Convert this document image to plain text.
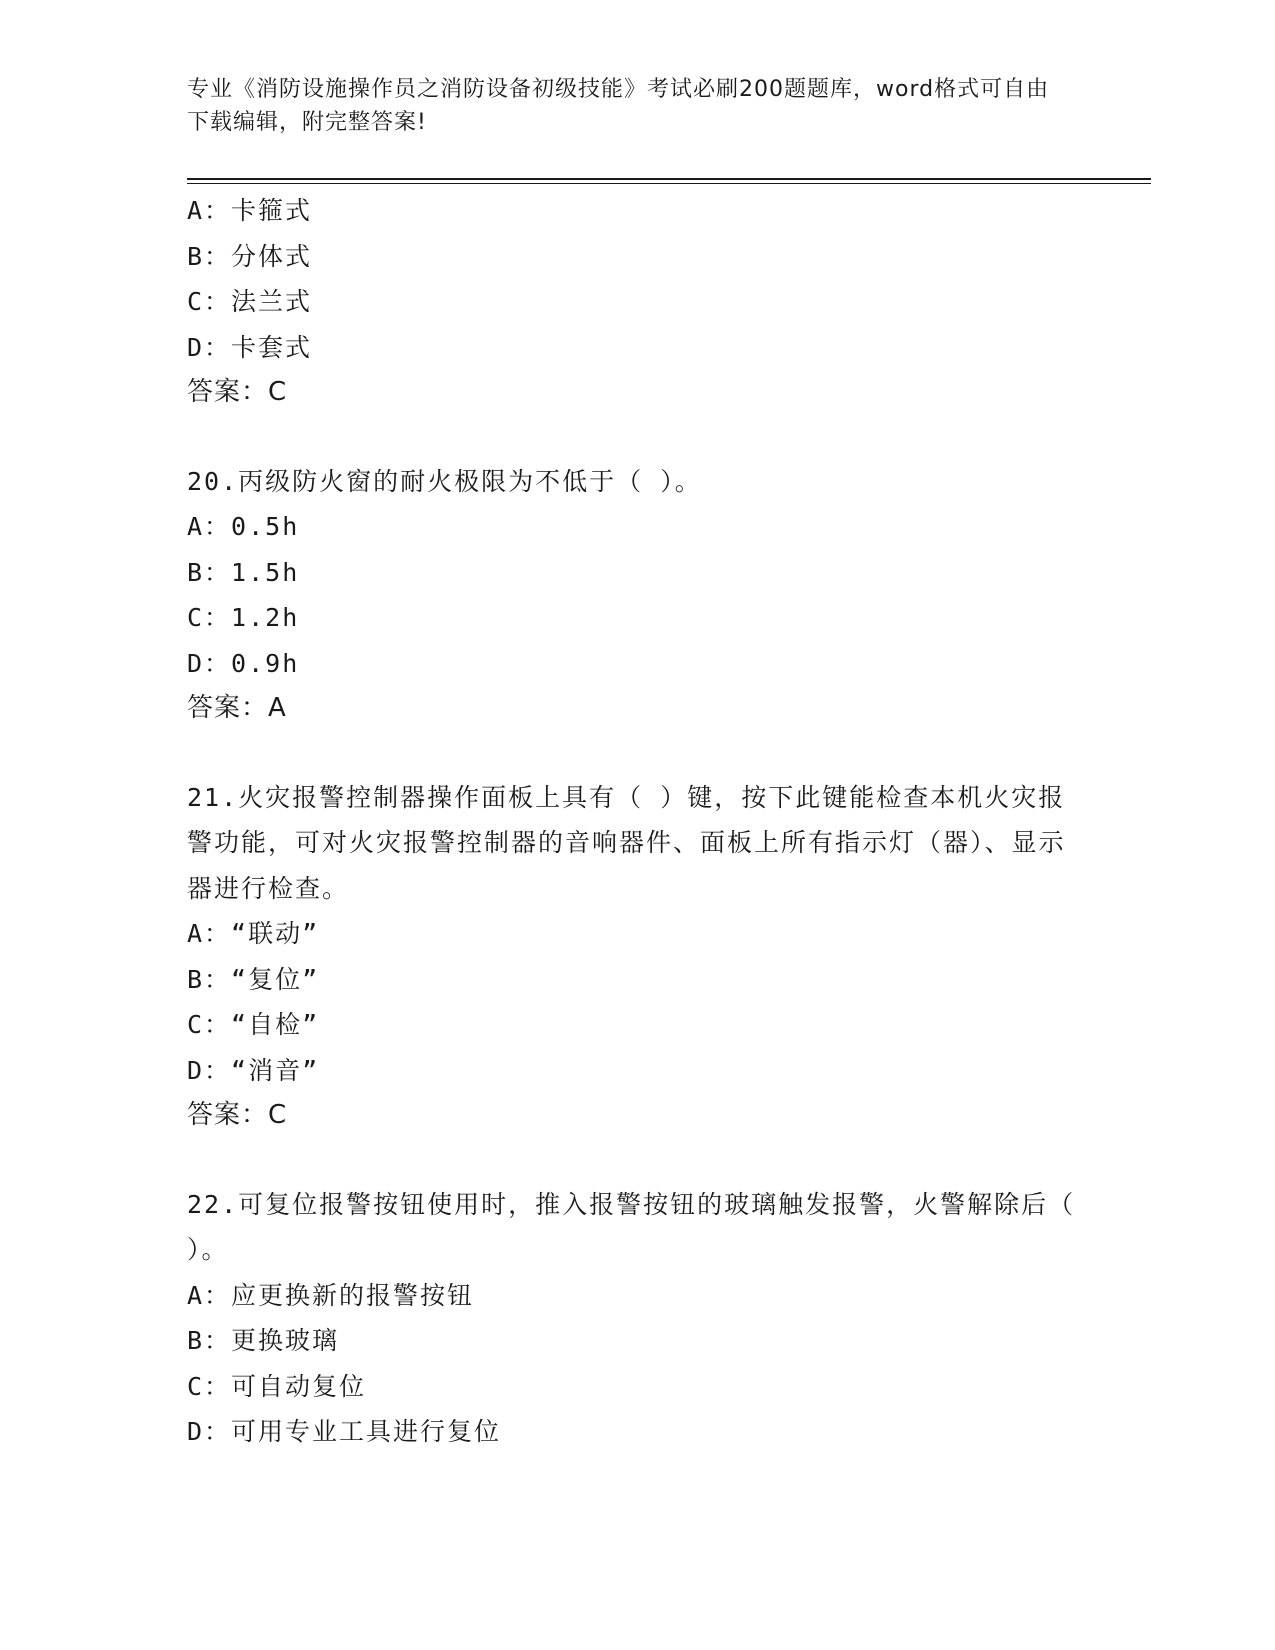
专业《消防设施操作员之消防设备初级技能》考试必刷200题题库，word格式可自由下载编辑，附完整答案!
A：卡箍式
B：分体式
C：法兰式
D：卡套式
答案：C
20.丙级防火窗的耐火极限为不低于（ ）。
A：0.5h
B：1.5h
C：1.2h
D：0.9h
答案：A
21.火灾报警控制器操作面板上具有（ ）键，按下此键能检查本机火灾报警功能，可对火灾报警控制器的音响器件、面板上所有指示灯（器）、显示器进行检查。
A：“联动”
B：“复位”
C：“自检”
D：“消音”
答案：C
22.可复位报警按钮使用时，推入报警按钮的玻璃触发报警，火警解除后（ ）。
A：应更换新的报警按钮
B：更换玻璃
C：可自动复位
D：可用专业工具进行复位
